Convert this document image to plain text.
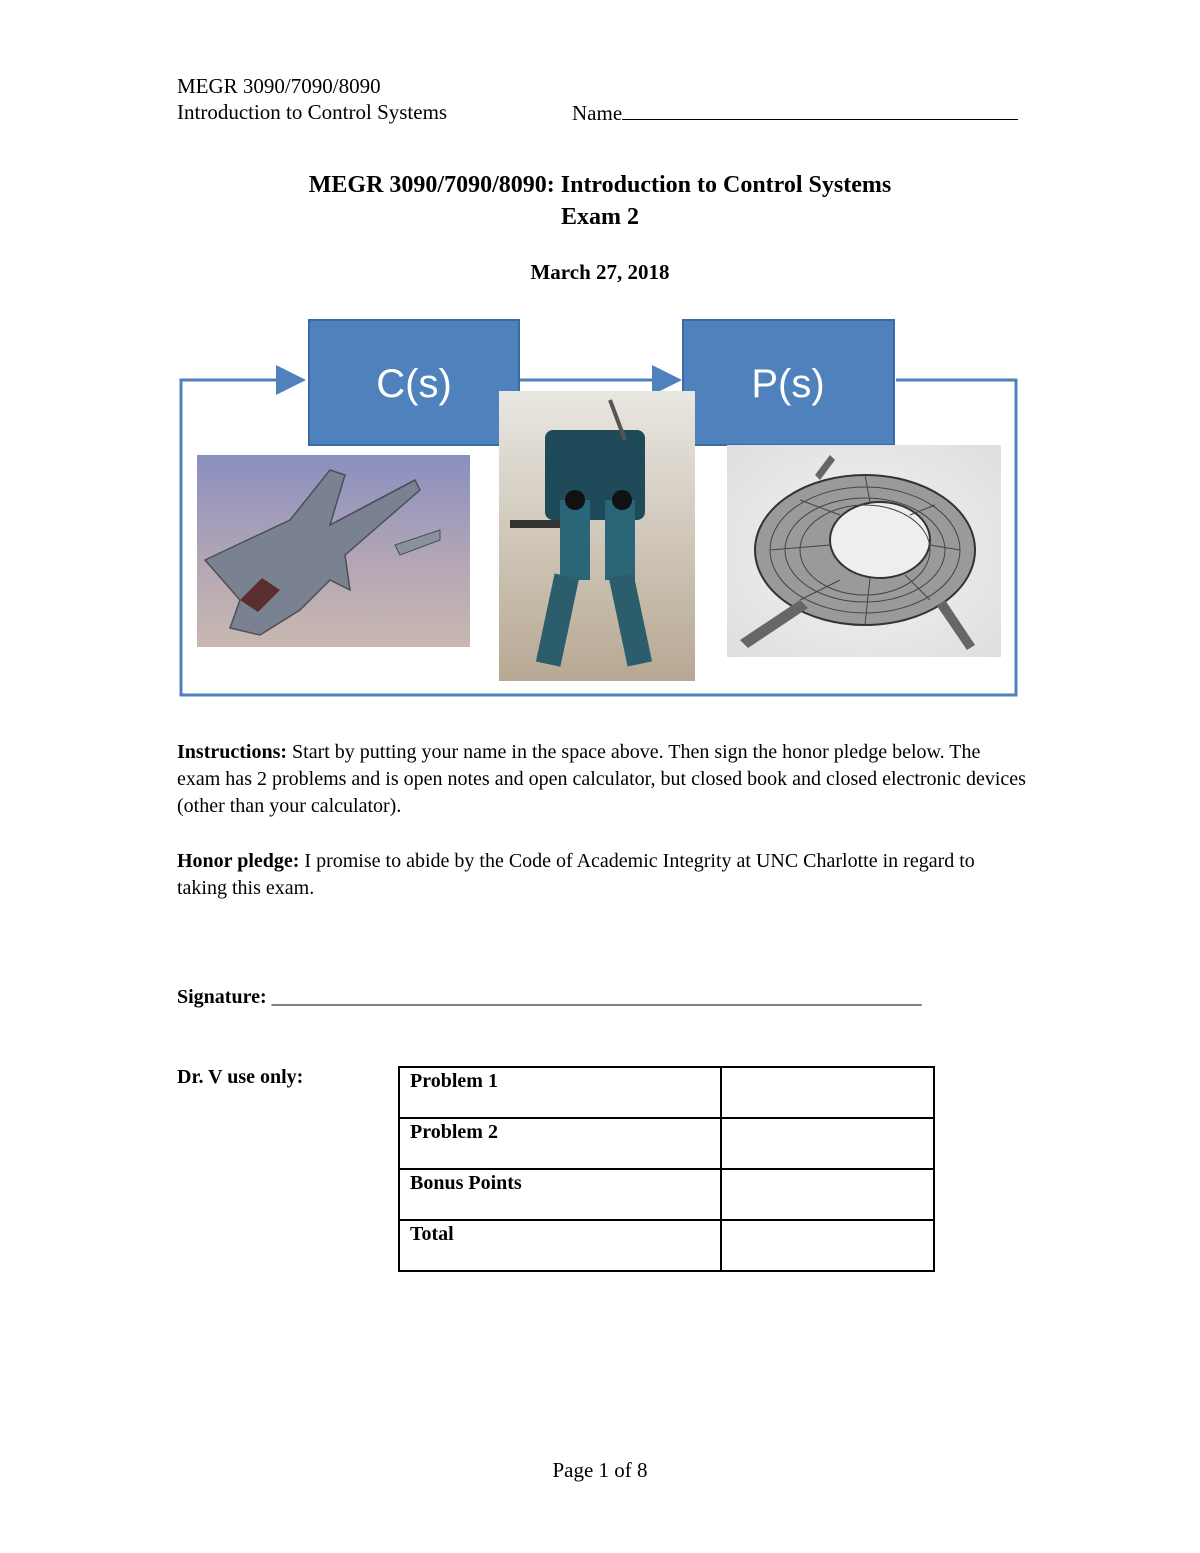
MEGR 3090/7090/8090
Introduction to Control Systems	Name
MEGR 3090/7090/8090: Introduction to Control Systems
Exam 2
March 27, 2018
C(s)	P(s)
Instructions: Start by putting your name in the space above. Then sign the honor pledge below. The exam has 2 problems and is open notes and open calculator, but closed book and closed electronic devices (other than your calculator).
Honor pledge: I promise to abide by the Code of Academic Integrity at UNC Charlotte in regard to taking this exam.
Signature: _________________________________________________________________
Dr. V use only:	Problem 1	
Problem 2	
Bonus Points	
Total	
Page 1 of 8
